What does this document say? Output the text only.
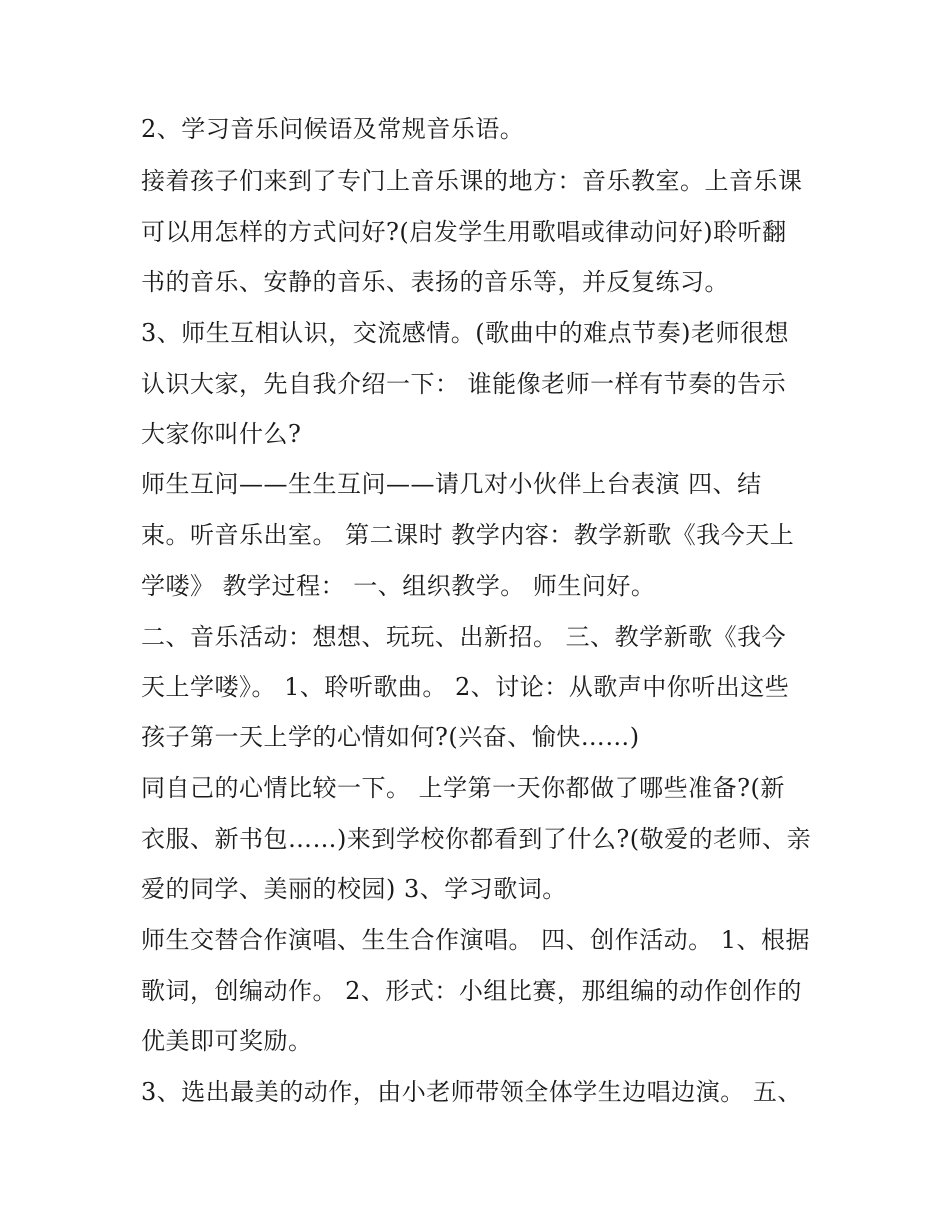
2、学习音乐问候语及常规音乐语。
接着孩子们来到了专门上音乐课的地方：音乐教室。上音乐课
可以用怎样的方式问好?(启发学生用歌唱或律动问好)聆听翻
书的音乐、安静的音乐、表扬的音乐等，并反复练习。
3、师生互相认识，交流感情。(歌曲中的难点节奏)老师很想
认识大家，先自我介绍一下： 谁能像老师一样有节奏的告示
大家你叫什么?
师生互问——生生互问——请几对小伙伴上台表演 四、结
束。听音乐出室。 第二课时 教学内容：教学新歌《我今天上
学喽》 教学过程： 一、组织教学。 师生问好。
二、音乐活动：想想、玩玩、出新招。 三、教学新歌《我今
天上学喽》。 1、聆听歌曲。 2、讨论：从歌声中你听出这些
孩子第一天上学的心情如何?(兴奋、愉快……)
同自己的心情比较一下。 上学第一天你都做了哪些准备?(新
衣服、新书包……)来到学校你都看到了什么?(敬爱的老师、亲
爱的同学、美丽的校园) 3、学习歌词。
师生交替合作演唱、生生合作演唱。 四、创作活动。 1、根据
歌词，创编动作。 2、形式：小组比赛，那组编的动作创作的
优美即可奖励。
3、选出最美的动作，由小老师带领全体学生边唱边演。 五、
